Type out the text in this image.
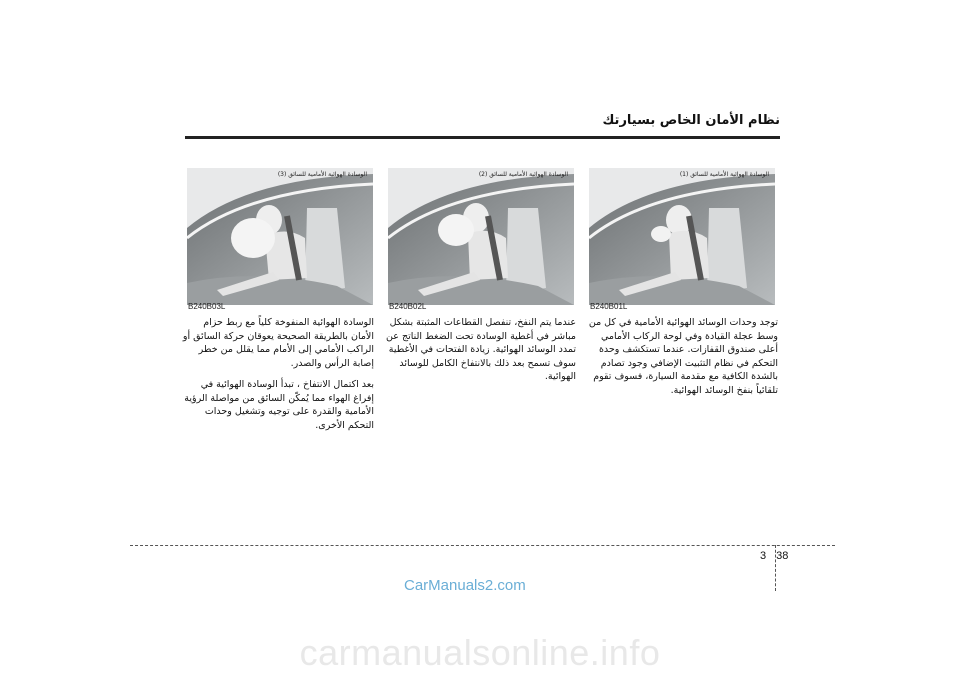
نظام الأمان الخاص بسيارتك
الوسادة الهوائية الأمامية للسائق (1)
B240B01L
الوسادة الهوائية الأمامية للسائق (2)
B240B02L
الوسادة الهوائية الأمامية للسائق (3)
B240B03L

توجد وحدات الوسائد الهوائية الأمامية في كل من وسط عجلة القيادة وفي لوحة الركاب الأمامي أعلى صندوق القفازات. عندما تستكشف وحدة التحكم في نظام التثبيت الإضافي وجود تصادم بالشدة الكافية مع مقدمة السيارة، فسوف تقوم تلقائياً بنفخ الوسائد الهوائية.

عندما يتم النفخ، تنفصل القطاعات المثبتة بشكل مباشر في أغطية الوسادة تحت الضغط الناتج عن تمدد الوسائد الهوائية. زيادة الفتحات في الأغطية سوف تسمح بعد ذلك بالانتفاخ الكامل للوسائد الهوائية.

الوسادة الهوائية المنفوخة كلياً مع ربط حزام الأمان بالطريقة الصحيحة يعوقان حركة السائق أو الراكب الأمامي إلى الأمام مما يقلل من خطر إصابة الرأس والصدر.

بعد اكتمال الانتفاخ ، تبدأ الوسادة الهوائية في إفراغ الهواء مما يُمكّن السائق من مواصلة الرؤية الأمامية والقدرة على توجيه وتشغيل وحدات التحكم الأخرى.

3 38
CarManuals2.com
carmanualsonline.info
